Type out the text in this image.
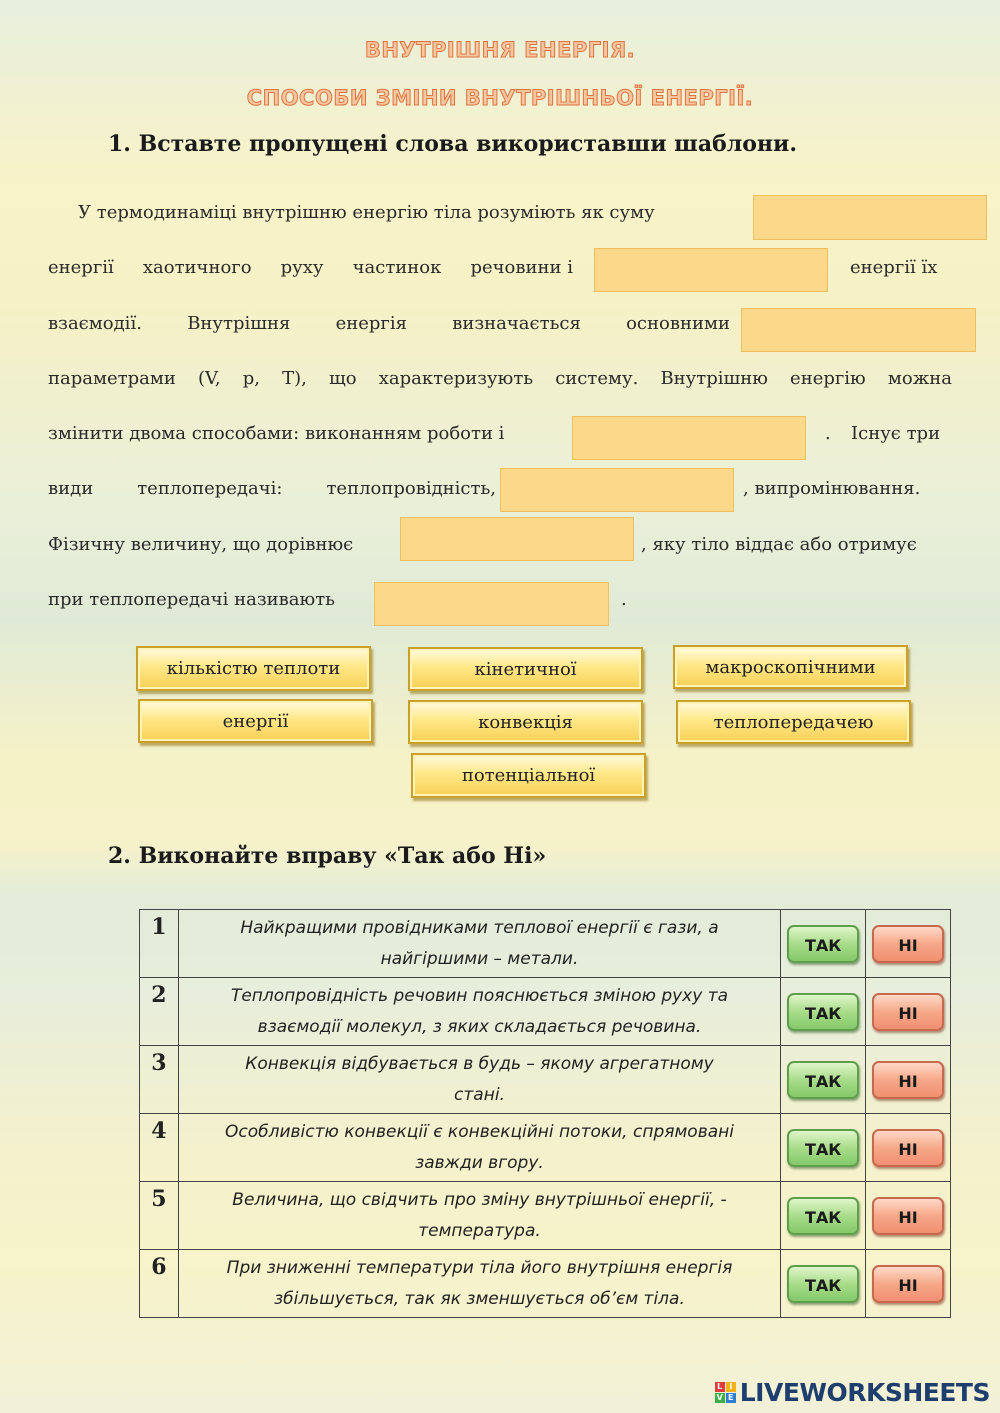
ВНУТРІШНЯ ЕНЕРГІЯ.
СПОСОБИ ЗМІНИ ВНУТРІШНЬОЇ ЕНЕРГІЇ.
1. Вставте пропущені слова використавши шаблони.
У термодинаміці внутрішню енергію тіла розуміють як суму
енергії хаотичного руху частинок речовини і	енергії їх
взаємодії.	Внутрішня	енергія	визначається	основними
параметрами (V, p, T), що характеризують систему. Внутрішню енергію можна
змінити двома способами: виконанням роботи і	. Існує три
види теплопередачі: теплопровідність,	, випромінювання.
Фізичну величину, що дорівнює	, яку тіло віддає або отримує
при теплопередачі називають	.
кількістю теплоти	кінетичної	макроскопічними
енергії	конвекція	теплопередачею
потенціальної
2. Виконайте вправу «Так або Ні»
1	Найкращими провідниками теплової енергії є гази, а
найгіршими – метали.	ТАК	НІ
2	Теплопровідність речовин пояснюється зміною руху та
взаємодії молекул, з яких складається речовина.	ТАК	НІ
3	Конвекція відбувається в будь – якому агрегатному
стані.	ТАК	НІ
4	Особливістю конвекції є конвекційні потоки, спрямовані
завжди вгору.	ТАК	НІ
5	Величина, що свідчить про зміну внутрішньої енергії, -
температура.	ТАК	НІ
6	При зниженні температури тіла його внутрішня енергія
збільшується, так як зменшується об’єм тіла.	ТАК	НІ
L I
V E LIVEWORKSHEETS
